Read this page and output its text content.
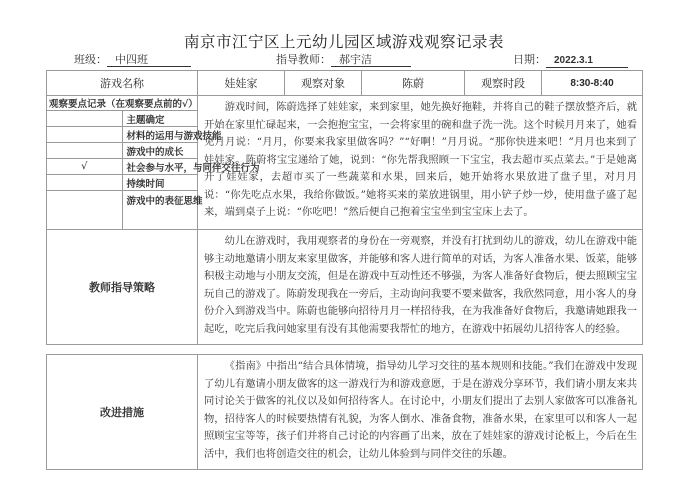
南京市江宁区上元幼儿园区域游戏观察记录表
班级： 中四班	指导教师： 郝宇洁	日期： 2022.3.1
游戏名称	娃娃家	观察对象	陈蔚	观察时段	8:30-8:40

观察要点记录（在观察要点前的√）
	主题确定
	材料的运用与游戏技能
	游戏中的成长
√	社会参与水平，与同伴交往行为
	持续时间
	游戏中的表征思维
	游戏时间，陈蔚选择了娃娃家，来到家里，她先换好拖鞋，并将自己的鞋子摆放整齐后，就开始在家里忙碌起来，一会抱抱宝宝，一会将家里的碗和盘子洗一洗。这个时候月月来了，她看见月月说：“月月，你要来我家里做客吗？”“好啊！”月月说。“那你快进来吧！”月月也来到了娃娃家。陈蔚将宝宝递给了她，说到：“你先帮我照顾一下宝宝，我去超市买点菜去。”于是她离开了娃娃家，去超市买了一些蔬菜和水果，回来后，她开始将水果放进了盘子里，对月月说：“你先吃点水果，我给你做饭。”她将买来的菜放进锅里，用小铲子炒一炒，使用盘子盛了起来，端到桌子上说：“你吃吧！”然后便自己抱着宝宝坐到宝宝床上去了。
教师指导策略	幼儿在游戏时，我用观察者的身份在一旁观察，并没有打扰到幼儿的游戏，幼儿在游戏中能够主动地邀请小朋友来家里做客，并能够和客人进行简单的对话，为客人准备水果、饭菜，能够积极主动地与小朋友交流，但是在游戏中互动性还不够强，为客人准备好食物后，便去照顾宝宝玩自己的游戏了。陈蔚发现我在一旁后，主动询问我要不要来做客，我欣然同意，用小客人的身份介入到游戏当中。陈蔚也能够向招待月月一样招待我，在为我准备好食物后，我邀请她跟我一起吃，吃完后我问她家里有没有其他需要我帮忙的地方，在游戏中拓展幼儿招待客人的经验。
改进措施	《指南》中指出“结合具体情境，指导幼儿学习交往的基本规则和技能。”我们在游戏中发现了幼儿有邀请小朋友做客的这一游戏行为和游戏意愿，于是在游戏分享环节，我们请小朋友来共同讨论关于做客的礼仪以及如何招待客人。在讨论中，小朋友们提出了去别人家做客可以准备礼物，招待客人的时候要热情有礼貌，为客人倒水、准备食物，准备水果，在家里可以和客人一起照顾宝宝等等，孩子们并将自己讨论的内容画了出来，放在了娃娃家的游戏讨论板上，今后在生活中，我们也将创造交往的机会，让幼儿体验到与同伴交往的乐趣。
